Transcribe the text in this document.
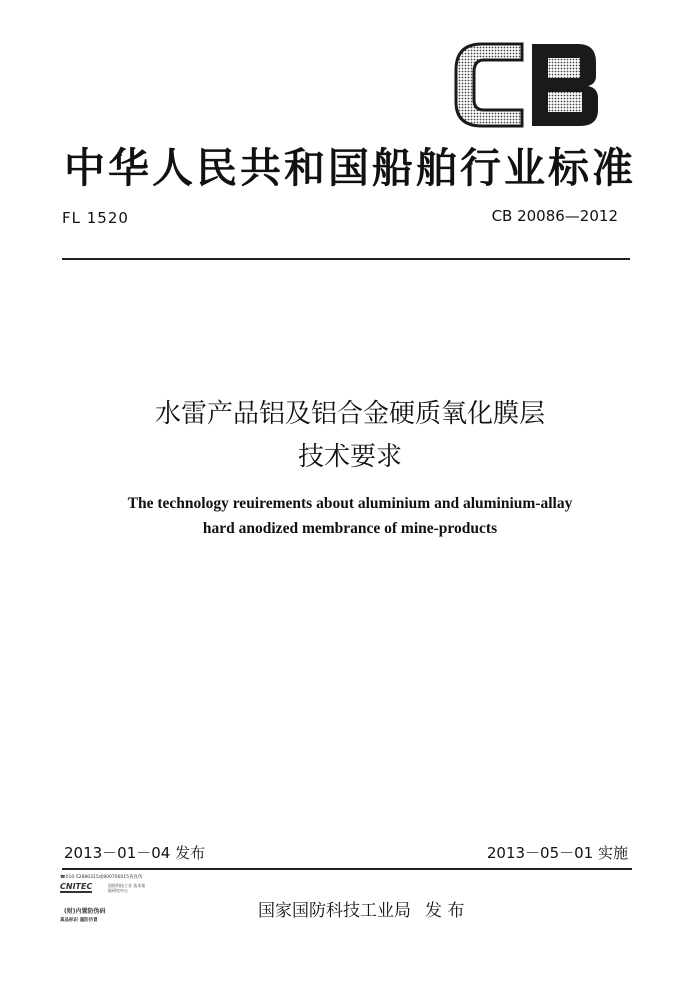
中华人民共和国船舶行业标准
FL 1520	CB 20086—2012
水雷产品铝及铝合金硬质氧化膜层
技术要求
The technology reuirements about aluminium and aluminium-allay
hard anodized membrance of mine-products
2013－01－04 发布	2013－05－01 实施
☎010-52880315或800706015查真伪
CNITEC	国防科技工业 技术基础研究中心
(财)内置防伪码
真品标识 谨防仿冒	国家国防科技工业局 发 布
